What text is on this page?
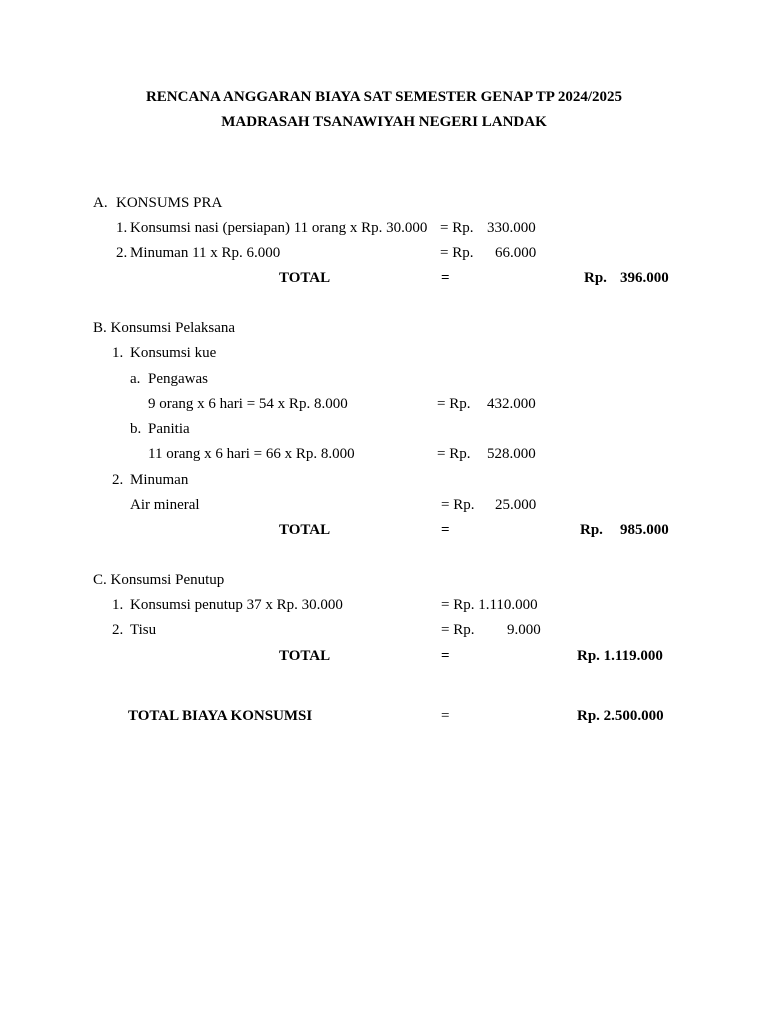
RENCANA ANGGARAN BIAYA SAT SEMESTER GENAP TP 2024/2025
MADRASAH TSANAWIYAH NEGERI LANDAK
A. KONSUMS PRA
1. Konsumsi nasi (persiapan) 11 orang x Rp. 30.000 = Rp. 330.000
2. Minuman 11 x Rp. 6.000	= Rp. 66.000
TOTAL	=	Rp. 396.000
B. Konsumsi Pelaksana
1. Konsumsi kue
a. Pengawas
9 orang x 6 hari = 54 x Rp. 8.000	= Rp. 432.000
b. Panitia
11 orang x 6 hari = 66 x Rp. 8.000	= Rp. 528.000
2. Minuman
Air mineral	= Rp. 25.000
TOTAL	=	Rp. 985.000
C. Konsumsi Penutup
1. Konsumsi penutup 37 x Rp. 30.000	= Rp. 1.110.000
2. Tisu	= Rp. 9.000
TOTAL	=	Rp. 1.119.000
TOTAL BIAYA KONSUMSI	=	Rp. 2.500.000
